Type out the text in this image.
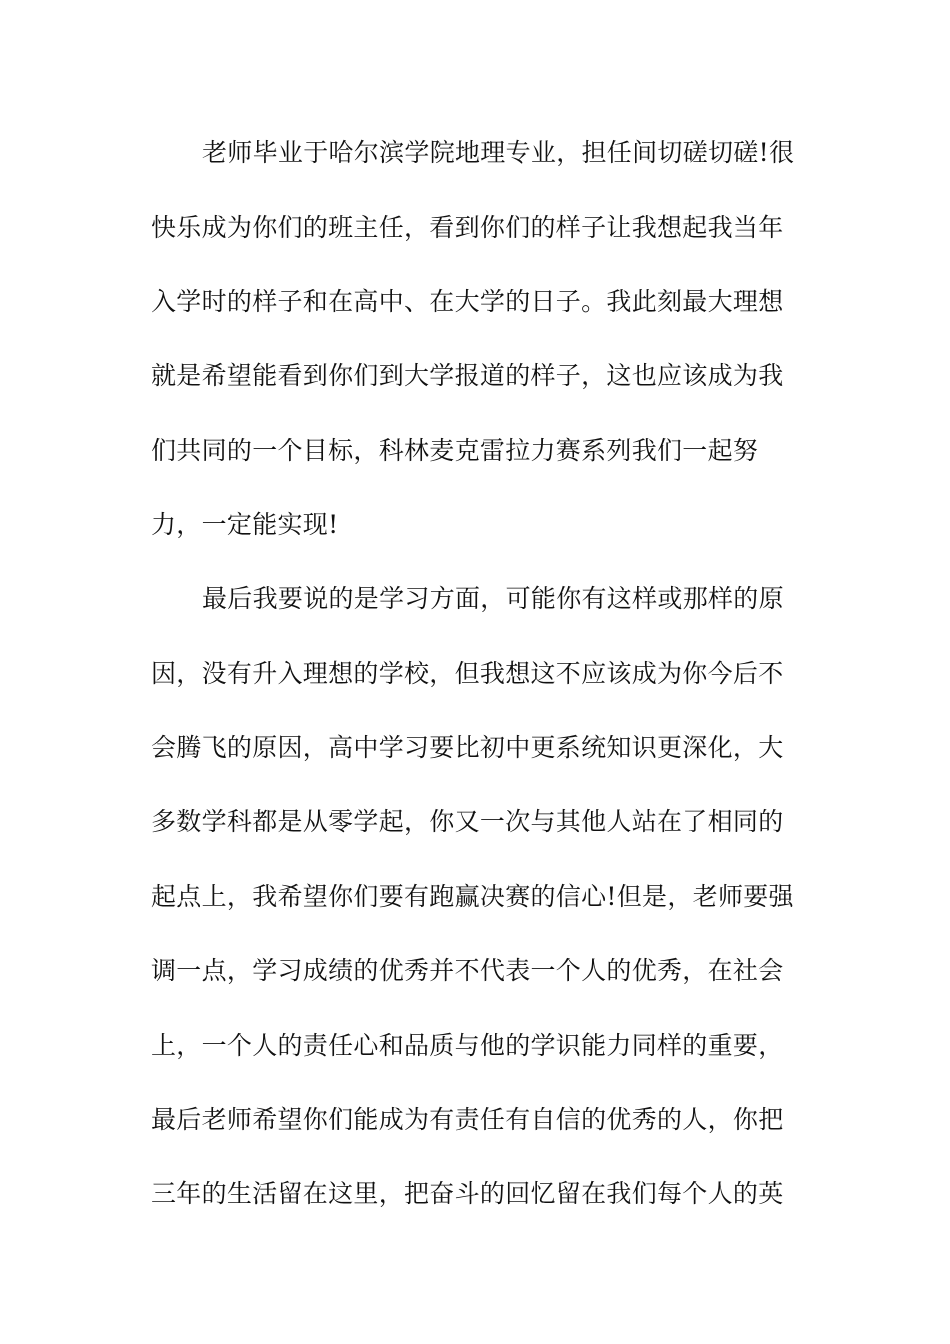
老师毕业于哈尔滨学院地理专业，担任间切磋切磋!很
快乐成为你们的班主任，看到你们的样子让我想起我当年
入学时的样子和在高中、在大学的日子。我此刻最大理想
就是希望能看到你们到大学报道的样子，这也应该成为我
们共同的一个目标，科林麦克雷拉力赛系列我们一起努
力，一定能实现!
最后我要说的是学习方面，可能你有这样或那样的原
因，没有升入理想的学校，但我想这不应该成为你今后不
会腾飞的原因，高中学习要比初中更系统知识更深化，大
多数学科都是从零学起，你又一次与其他人站在了相同的
起点上，我希望你们要有跑赢决赛的信心!但是，老师要强
调一点，学习成绩的优秀并不代表一个人的优秀，在社会
上，一个人的责任心和品质与他的学识能力同样的重要，
最后老师希望你们能成为有责任有自信的优秀的人，你把
三年的生活留在这里，把奋斗的回忆留在我们每个人的英
